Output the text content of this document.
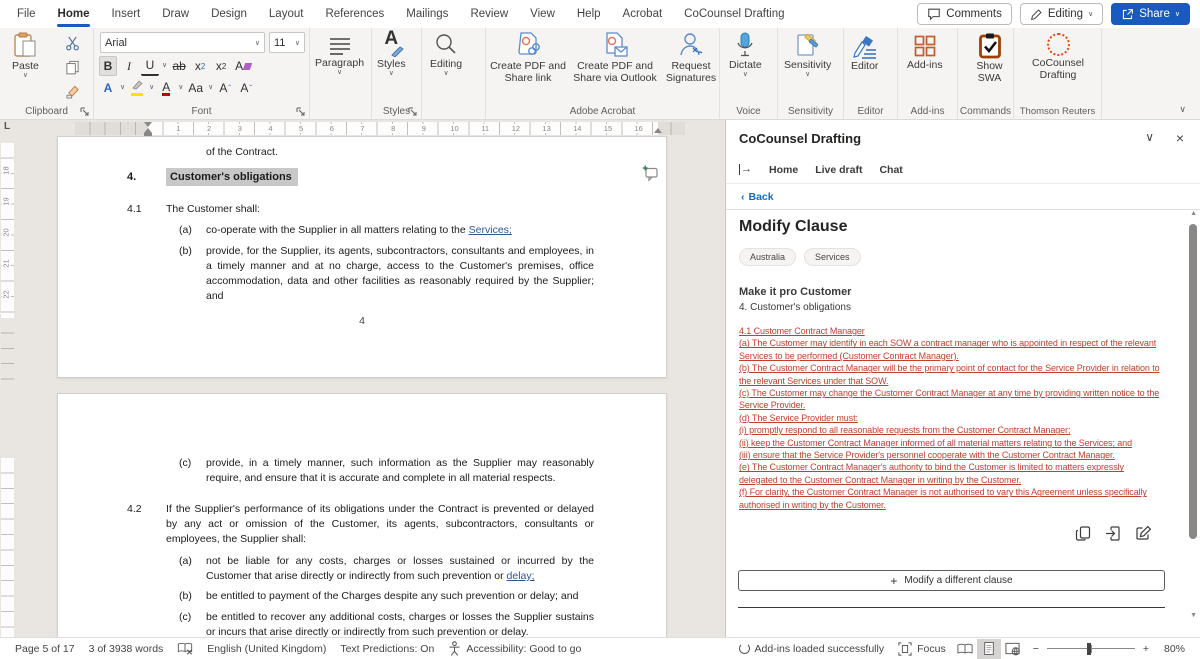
File	Home	Insert	Draw	Design	Layout	References	Mailings	Review	View	Help	Acrobat	CoCounsel Drafting	Comments	Editing ∨	Share ∨
Paste
∨
Clipboard
Arial	∨ 11 ∨
B	I	U	∨ ab x 2 x 2 A
A	∨	∨ A ∨ Aa ∨ A ˆ A ˇ
Font
Paragraph
∨
A
Styles
∨
Styles
Editing
∨
Create PDF and Share link
Create PDF and Share via Outlook
Request Signatures
Adobe Acrobat
Dictate
∨
Voice
Sensitivity
∨
Sensitivity
Editor
Editor
Add-ins
Add-ins
Show SWA
Commands
CoCounsel Drafting
Thomson Reuters	∨
1	2	3	4	5	6	7	8	9	10	11	12	13	14	15	16
L
18
19
20
21
22
of the Contract.
4.	Customer's obligations
4.1 The Customer shall:
(a) co-operate with the Supplier in all matters relating to the Services;
(b) provide, for the Supplier, its agents, subcontractors, consultants and employees, in a timely manner and at no charge, access to the Customer's premises, office accommodation, data and other facilities as reasonably required by the Supplier; and
4
(c) provide, in a timely manner, such information as the Supplier may reasonably require, and ensure that it is accurate and complete in all material respects.
4.2 If the Supplier's performance of its obligations under the Contract is prevented or delayed by any act or omission of the Customer, its agents, subcontractors, consultants or employees, the Supplier shall:
(a) not be liable for any costs, charges or losses sustained or incurred by the Customer that arise directly or indirectly from such prevention or delay;
(b) be entitled to payment of the Charges despite any such prevention or delay; and
(c) be entitled to recover any additional costs, charges or losses the Supplier sustains or incurs that arise directly or indirectly from such prevention or delay.
CoCounsel Drafting	∨ ×
→ Home Live draft Chat
‹ Back
Modify Clause
Australia	Services
Make it pro Customer
4. Customer's obligations
4.1 Customer Contract Manager
(a) The Customer may identify in each SOW a contract manager who is appointed in respect of the relevant Services to be performed (Customer Contract Manager).
(b) The Customer Contract Manager will be the primary point of contact for the Service Provider in relation to the relevant Services under that SOW.
(c) The Customer may change the Customer Contract Manager at any time by providing written notice to the Service Provider.
(d) The Service Provider must:
(i) promptly respond to all reasonable requests from the Customer Contract Manager;
(ii) keep the Customer Contract Manager informed of all material matters relating to the Services; and
(iii) ensure that the Service Provider's personnel cooperate with the Customer Contract Manager.
(e) The Customer Contract Manager's authority to bind the Customer is limited to matters expressly delegated to the Customer Contract Manager in writing by the Customer.
(f) For clarity, the Customer Contract Manager is not authorised to vary this Agreement unless specifically authorised in writing by the Customer.
+ Modify a different clause
▲
▼
Page 5 of 17	3 of 3938 words	English (United Kingdom)	Text Predictions: On	Accessibility: Good to go	Add-ins loaded successfully	Focus	−	+	80%
